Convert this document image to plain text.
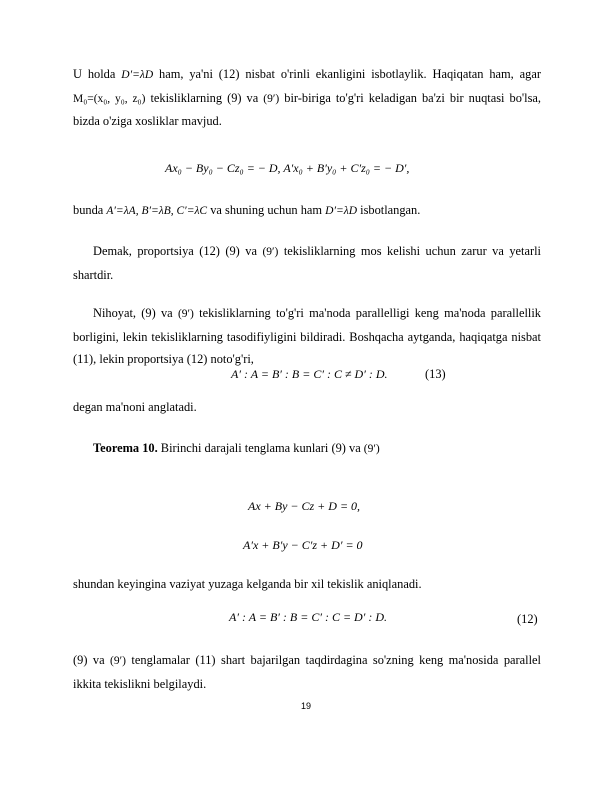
U holda D′=λD ham, ya'ni (12) nisbat o'rinli ekanligini isbotlaylik. Haqiqatan ham, agar M₀=(x₀, y₀, z₀) tekisliklarning (9) va (9′) bir-biriga to'g'ri keladigan ba'zi bir nuqtasi bo'lsa, bizda o'ziga xosliklar mavjud.
Ax₀ − By₀ − Cz₀ = − D, A′x₀ + B′y₀ + C′z₀ = − D′,
bunda A′=λA, B′=λB, C′=λC va shuning uchun ham D′=λD isbotlangan.
Demak, proportsiya (12) (9) va (9′) tekisliklarning mos kelishi uchun zarur va yetarli shartdir.
Nihoyat, (9) va (9′) tekisliklarning to'g'ri ma'noda parallelligi keng ma'noda parallellik borligini, lekin tekisliklarning tasodifiyligini bildiradi. Boshqacha aytganda, haqiqatga nisbat (11), lekin proportsiya (12) noto'g'ri,
A′ : A = B′ : B = C′ : C ≠ D′ : D.	(13)
degan ma'noni anglatadi.
Teorema 10. Birinchi darajali tenglama kunlari (9) va (9′)
Ax + By − Cz + D = 0,
A′x + B′y − C′z + D′ = 0
shundan keyingina vaziyat yuzaga kelganda bir xil tekislik aniqlanadi.
A′ : A = B′ : B = C′ : C = D′ : D.	(12)
(9) va (9′) tenglamalar (11) shart bajarilgan taqdirdagina so'zning keng ma'nosida parallel ikkita tekislikni belgilaydi.
19
